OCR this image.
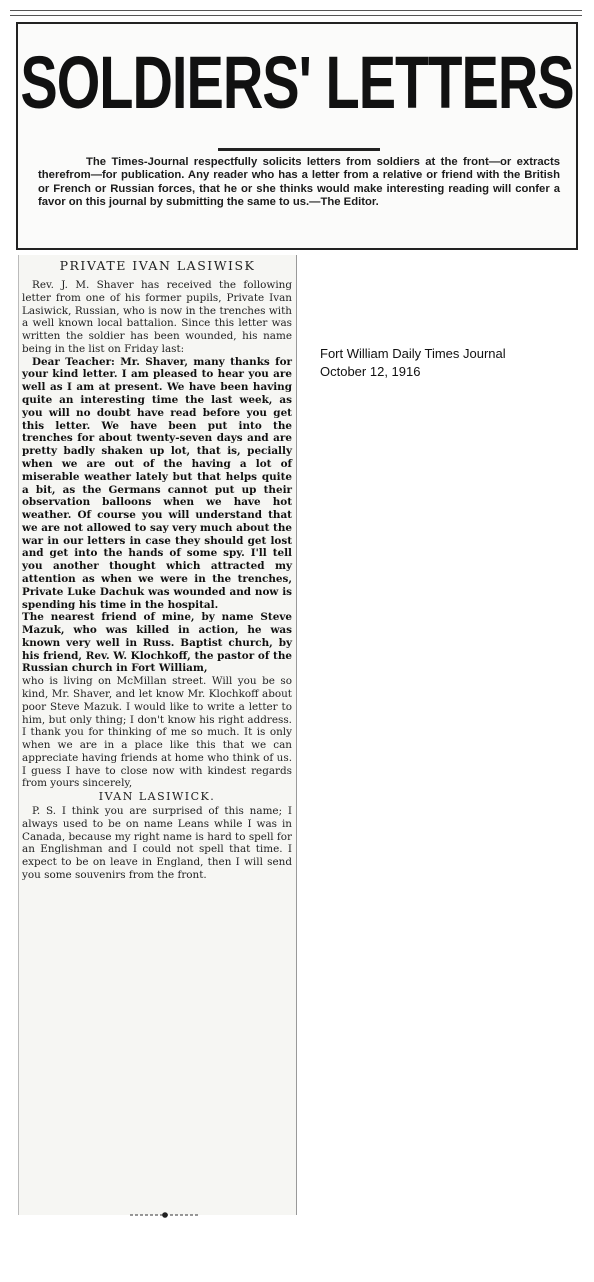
SOLDIERS' LETTERS
The Times-Journal respectfully solicits letters from soldiers at the front—or extracts therefrom—for publication. Any reader who has a letter from a relative or friend with the British or French or Russian forces, that he or she thinks would make interesting reading will confer a favor on this journal by submitting the same to us.—The Editor.
PRIVATE IVAN LASIWISK

Rev. J. M. Shaver has received the following letter from one of his former pupils, Private Ivan Lasiwick, Russian, who is now in the trenches with a well known local battalion. Since this letter was written the soldier has been wounded, his name being in the list on Friday last:

Dear Teacher: Mr. Shaver, many thanks for your kind letter. I am pleased to hear you are well as I am at present. We have been having quite an interesting time the last week, as you will no doubt have read before you get this letter. We have been put into the trenches for about twenty-seven days and are pretty badly shaken up lot, that is, pecially when we are out of the having a lot of miserable weather lately but that helps quite a bit, as the Germans cannot put up their observation balloons when we have hot weather. Of course you will understand that we are not allowed to say very much about the war in our letters in case they should get lost and get into the hands of some spy. I'll tell you another thought which attracted my attention as when we were in the trenches, Private Luke Dachuk was wounded and now is spending his time in the hospital.

The nearest friend of mine, by name Steve Mazuk, who was killed in action, he was known very well in Russ. Baptist church, by his friend, Rev. W. Klochkoff, the pastor of the Russian church in Fort William,

who is living on McMillan street. Will you be so kind, Mr. Shaver, and let know Mr. Klochkoff about poor Steve Mazuk. I would like to write a letter to him, but only thing; I don't know his right address. I thank you for thinking of me so much. It is only when we are in a place like this that we can appreciate having friends at home who think of us. I guess I have to close now with kindest regards from yours sincerely,

IVAN LASIWICK.

P. S. I think you are surprised of this name; I always used to be on name Leans while I was in Canada, because my right name is hard to spell for an Englishman and I could not spell that time. I expect to be on leave in England, then I will send you some souvenirs from the front.

Fort William Daily Times Journal
October 12, 1916
